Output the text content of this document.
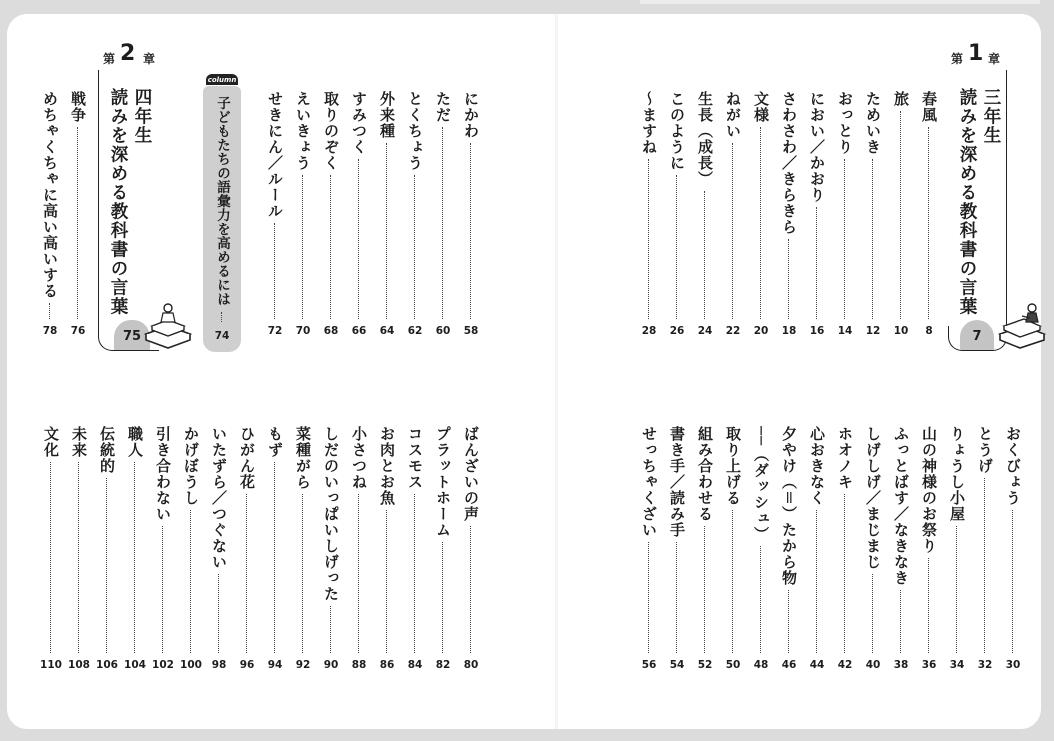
第 1 章
三年生
読みを深める教科書の言葉
7
第 2 章
四年生
読みを深める教科書の言葉
75
column
子どもたちの語彙力を高めるには
74
春風
8
旅
10
ためいき
12
おっとり
14
におい／かおり
16
さわさわ／きらきら
18
文様
20
ねがい
22
生長（成長）
24
このように
26
～ますね
28
おくびょう
30
とうげ
32
りょうし小屋
34
山の神様のお祭り
36
ふっとばす／なきなき
38
しげしげ／まじまじ
40
ホオノキ
42
心おきなく
44
夕やけ（＝）たから物
46
──（ダッシュ）
48
取り上げる
50
組み合わせる
52
書き手／読み手
54
せっちゃくざい
56
にかわ
58
ただ
60
とくちょう
62
外来種
64
すみつく
66
取りのぞく
68
えいきょう
70
せきにん／ルール
72
戦争
76
めちゃくちゃに高い高いする
78
ばんざいの声
80
プラットホーム
82
コスモス
84
お肉とお魚
86
小さつね
88
しだのいっぱいしげった
90
菜種がら
92
もず
94
ひがん花
96
いたずら／つぐない
98
かげぼうし
100
引き合わない
102
職人
104
伝統的
106
未来
108
文化
110
